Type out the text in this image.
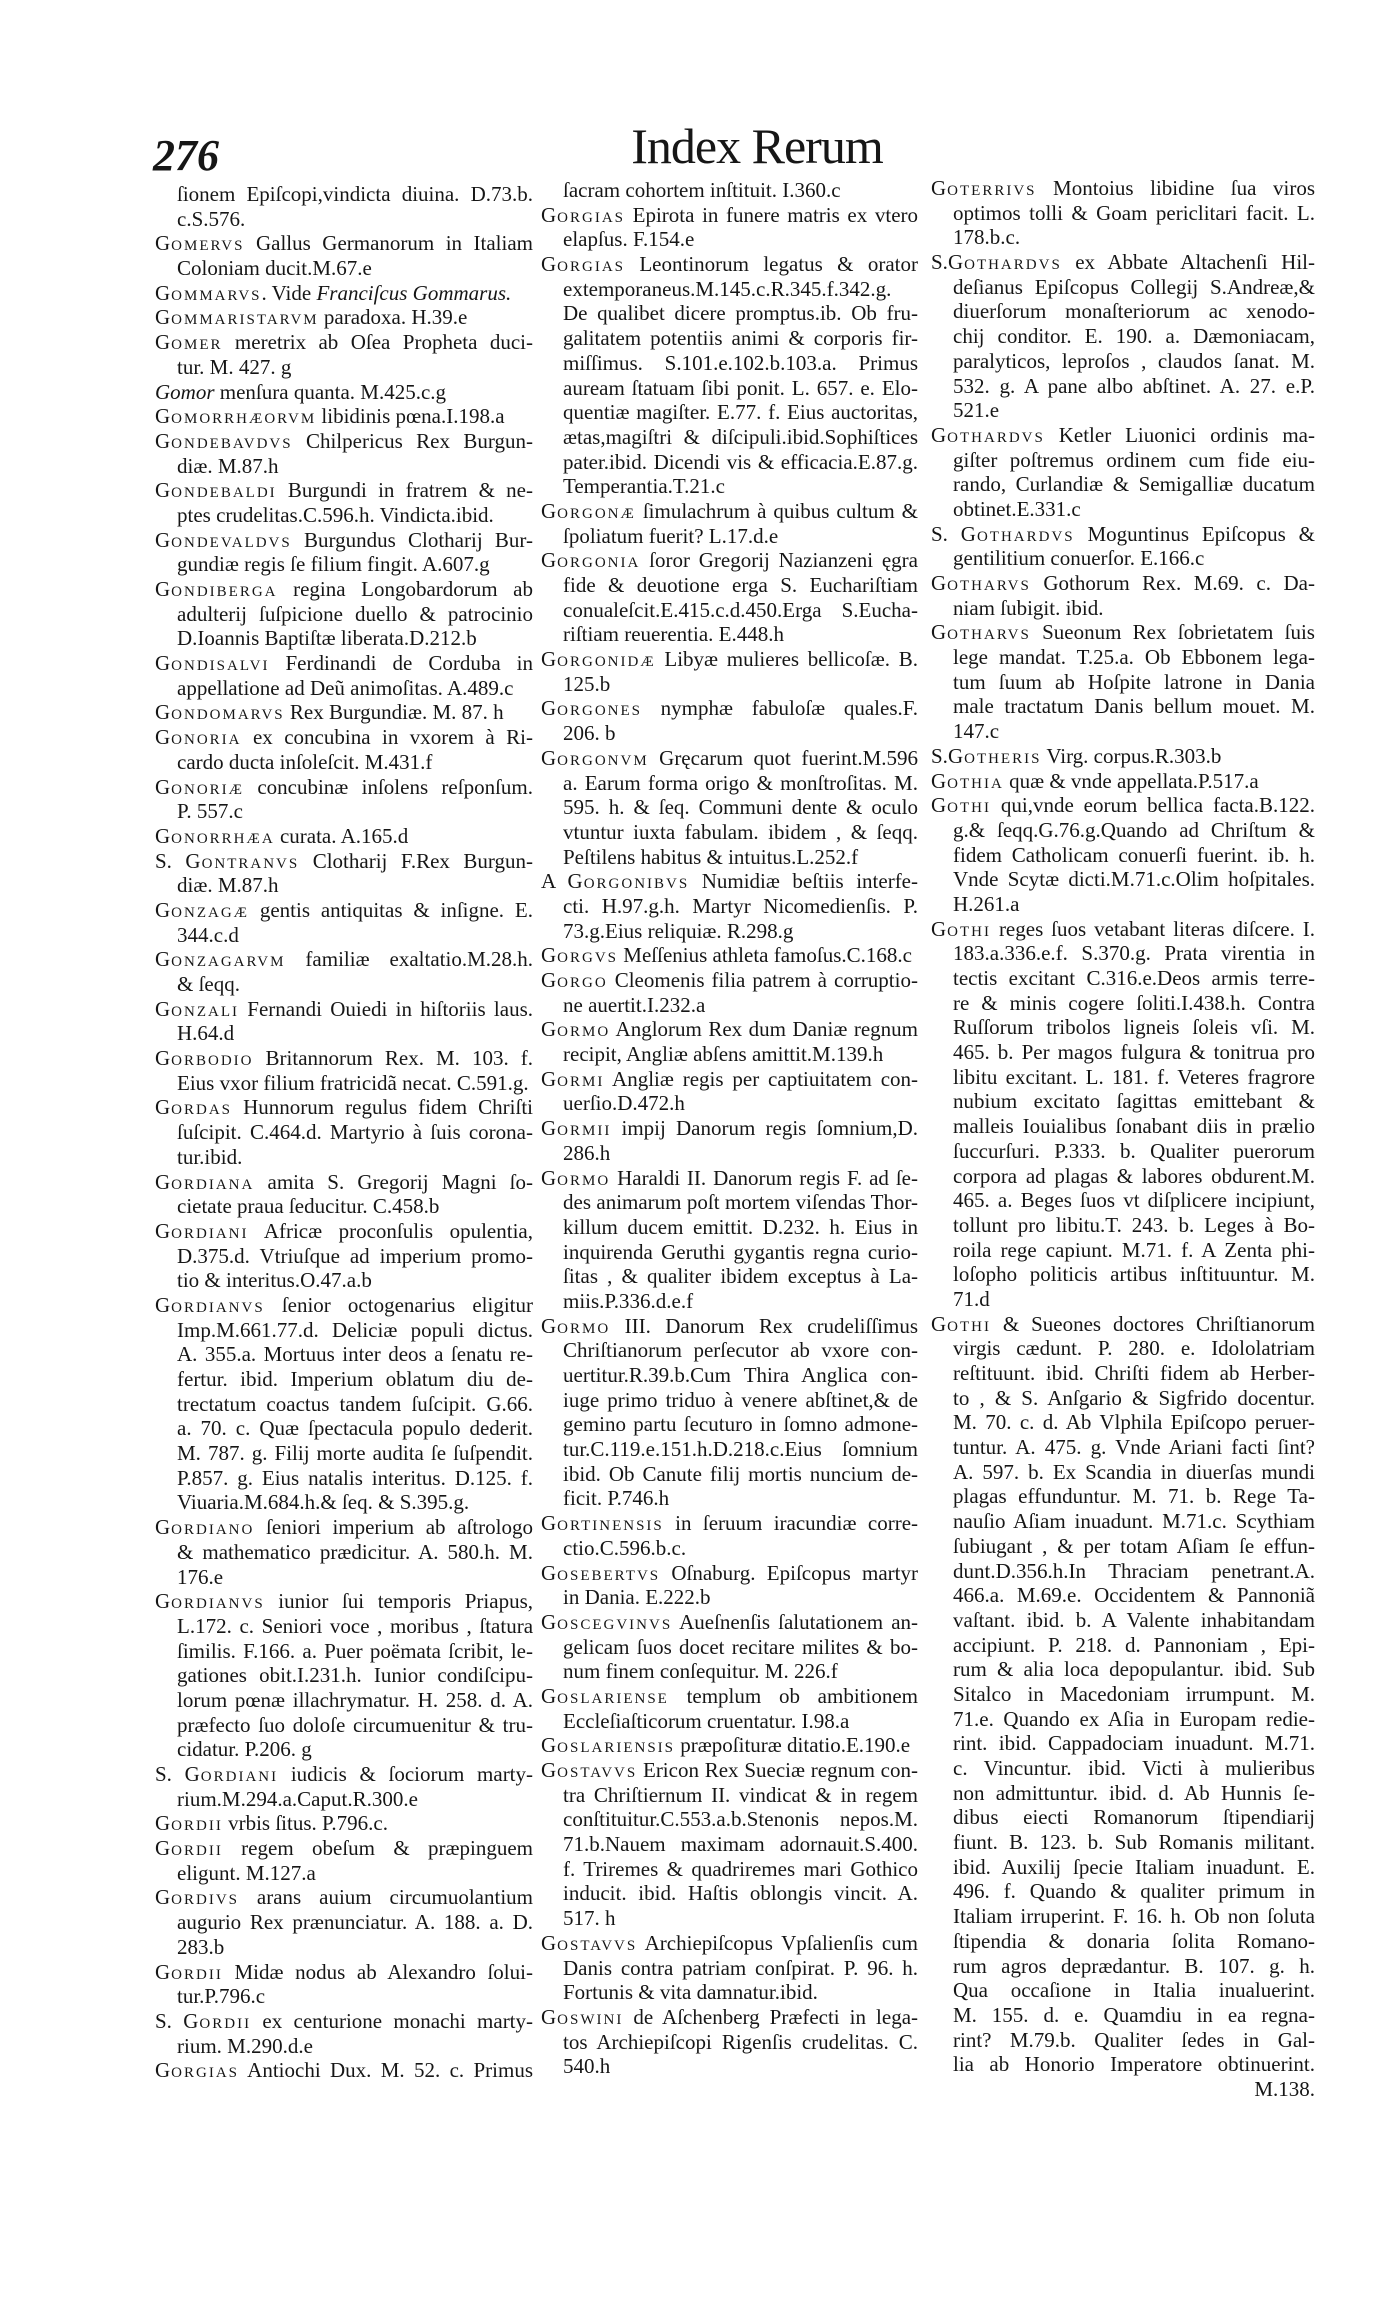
276	Index Rerum
ſionem Epiſcopi,vindicta diuina. D.73.b.
c.S.576.
GOMERVS Gallus Germanorum in Italiam
Coloniam ducit.M.67.e
GOMMARVS. Vide Franciſcus Gommarus.
GOMMARISTARVM paradoxa. H.39.e
GOMER meretrix ab Oſea Propheta duci-
tur. M. 427. g
Gomor menſura quanta. M.425.c.g
GOMORRHÆORVM libidinis pœna.I.198.a
GONDEBAVDVS Chilpericus Rex Burgun-
diæ. M.87.h
GONDEBALDI Burgundi in fratrem & ne-
ptes crudelitas.C.596.h. Vindicta.ibid.
GONDEVALDVS Burgundus Clotharij Bur-
gundiæ regis ſe filium fingit. A.607.g
GONDIBERGA regina Longobardorum ab
adulterij ſuſpicione duello & patrocinio
D.Ioannis Baptiſtæ liberata.D.212.b
GONDISALVI Ferdinandi de Corduba in
appellatione ad Deũ animoſitas. A.489.c
GONDOMARVS Rex Burgundiæ. M. 87. h
GONORIA ex concubina in vxorem à Ri-
cardo ducta inſoleſcit. M.431.f
GONORIÆ concubinæ inſolens reſponſum.
P. 557.c
GONORRHÆA curata. A.165.d
S. GONTRANVS Clotharij F.Rex Burgun-
diæ. M.87.h
GONZAGÆ gentis antiquitas & inſigne. E.
344.c.d
GONZAGARVM familiæ exaltatio.M.28.h.
& ſeqq.
GONZALI Fernandi Ouiedi in hiſtoriis laus.
H.64.d
GORBODIO Britannorum Rex. M. 103. f.
Eius vxor filium fratricidã necat. C.591.g.
GORDAS Hunnorum regulus fidem Chriſti
ſuſcipit. C.464.d. Martyrio à ſuis corona-
tur.ibid.
GORDIANA amita S. Gregorij Magni ſo-
cietate praua ſeducitur. C.458.b
GORDIANI Africæ proconſulis opulentia,
D.375.d. Vtriuſque ad imperium promo-
tio & interitus.O.47.a.b
GORDIANVS ſenior octogenarius eligitur
Imp.M.661.77.d. Deliciæ populi dictus.
A. 355.a. Mortuus inter deos a ſenatu re-
fertur. ibid. Imperium oblatum diu de-
trectatum coactus tandem ſuſcipit. G.66.
a. 70. c. Quæ ſpectacula populo dederit.
M. 787. g. Filij morte audita ſe ſuſpendit.
P.857. g. Eius natalis interitus. D.125. f.
Viuaria.M.684.h.& ſeq. & S.395.g.
GORDIANO ſeniori imperium ab aſtrologo
& mathematico prædicitur. A. 580.h. M.
176.e
GORDIANVS iunior ſui temporis Priapus,
L.172. c. Seniori voce , moribus , ſtatura
ſimilis. F.166. a. Puer poëmata ſcribit, le-
gationes obit.I.231.h. Iunior condiſcipu-
lorum pœnæ illachrymatur. H. 258. d. A.
præfecto ſuo doloſe circumuenitur & tru-
cidatur. P.206. g
S. GORDIANI iudicis & ſociorum marty-
rium.M.294.a.Caput.R.300.e
GORDII vrbis ſitus. P.796.c.
GORDII regem obeſum & præpinguem
eligunt. M.127.a
GORDIVS arans auium circumuolantium
augurio Rex prænunciatur. A. 188. a. D.
283.b
GORDII Midæ nodus ab Alexandro ſolui-
tur.P.796.c
S. GORDII ex centurione monachi marty-
rium. M.290.d.e
GORGIAS Antiochi Dux. M. 52. c. Primus
ſacram cohortem inſtituit. I.360.c
GORGIAS Epirota in funere matris ex vtero
elapſus. F.154.e
GORGIAS Leontinorum legatus & orator
extemporaneus.M.145.c.R.345.f.342.g.
De qualibet dicere promptus.ib. Ob fru-
galitatem potentiis animi & corporis fir-
miſſimus. S.101.e.102.b.103.a. Primus
auream ſtatuam ſibi ponit. L. 657. e. Elo-
quentiæ magiſter. E.77. f. Eius auctoritas,
ætas,magiſtri & diſcipuli.ibid.Sophiſtices
pater.ibid. Dicendi vis & efficacia.E.87.g.
Temperantia.T.21.c
GORGONÆ ſimulachrum à quibus cultum &
ſpoliatum fuerit? L.17.d.e
GORGONIA ſoror Gregorij Nazianzeni ęgra
fide & deuotione erga S. Euchariſtiam
conualeſcit.E.415.c.d.450.Erga S.Eucha-
riſtiam reuerentia. E.448.h
GORGONIDÆ Libyæ mulieres bellicoſæ. B.
125.b
GORGONES nymphæ fabuloſæ quales.F.
206. b
GORGONVM Gręcarum quot fuerint.M.596
a. Earum forma origo & monſtroſitas. M.
595. h. & ſeq. Communi dente & oculo
vtuntur iuxta fabulam. ibidem , & ſeqq.
Peſtilens habitus & intuitus.L.252.f
A GORGONIBVS Numidiæ beſtiis interfe-
cti. H.97.g.h. Martyr Nicomedienſis. P.
73.g.Eius reliquiæ. R.298.g
GORGVS Meſſenius athleta famoſus.C.168.c
GORGO Cleomenis filia patrem à corruptio-
ne auertit.I.232.a
GORMO Anglorum Rex dum Daniæ regnum
recipit, Angliæ abſens amittit.M.139.h
GORMI Angliæ regis per captiuitatem con-
uerſio.D.472.h
GORMII impij Danorum regis ſomnium,D.
286.h
GORMO Haraldi II. Danorum regis F. ad ſe-
des animarum poſt mortem viſendas Thor-
killum ducem emittit. D.232. h. Eius in
inquirenda Geruthi gygantis regna curio-
ſitas , & qualiter ibidem exceptus à La-
miis.P.336.d.e.f
GORMO III. Danorum Rex crudeliſſimus
Chriſtianorum perſecutor ab vxore con-
uertitur.R.39.b.Cum Thira Anglica con-
iuge primo triduo à venere abſtinet,& de
gemino partu ſecuturo in ſomno admone-
tur.C.119.e.151.h.D.218.c.Eius ſomnium
ibid. Ob Canute filij mortis nuncium de-
ficit. P.746.h
GORTINENSIS in ſeruum iracundiæ corre-
ctio.C.596.b.c.
GOSEBERTVS Oſnaburg. Epiſcopus martyr
in Dania. E.222.b
GOSCEGVINVS Aueſnenſis ſalutationem an-
gelicam ſuos docet recitare milites & bo-
num finem conſequitur. M. 226.f
GOSLARIENSE templum ob ambitionem
Eccleſiaſticorum cruentatur. I.98.a
GOSLARIENSIS præpoſituræ ditatio.E.190.e
GOSTAVVS Ericon Rex Sueciæ regnum con-
tra Chriſtiernum II. vindicat & in regem
conſtituitur.C.553.a.b.Stenonis nepos.M.
71.b.Nauem maximam adornauit.S.400.
f. Triremes & quadriremes mari Gothico
inducit. ibid. Haſtis oblongis vincit. A.
517. h
GOSTAVVS Archiepiſcopus Vpſalienſis cum
Danis contra patriam conſpirat. P. 96. h.
Fortunis & vita damnatur.ibid.
GOSWINI de Aſchenberg Præfecti in lega-
tos Archiepiſcopi Rigenſis crudelitas. C.
540.h
GOTERRIVS Montoius libidine ſua viros
optimos tolli & Goam periclitari facit. L.
178.b.c.
S.GOTHARDVS ex Abbate Altachenſi Hil-
deſianus Epiſcopus Collegij S.Andreæ,&
diuerſorum monaſteriorum ac xenodo-
chij conditor. E. 190. a. Dæmoniacam,
paralyticos, leproſos , claudos ſanat. M.
532. g. A pane albo abſtinet. A. 27. e.P.
521.e
GOTHARDVS Ketler Liuonici ordinis ma-
giſter poſtremus ordinem cum fide eiu-
rando, Curlandiæ & Semigalliæ ducatum
obtinet.E.331.c
S. GOTHARDVS Moguntinus Epiſcopus &
gentilitium conuerſor. E.166.c
GOTHARVS Gothorum Rex. M.69. c. Da-
niam ſubigit. ibid.
GOTHARVS Sueonum Rex ſobrietatem ſuis
lege mandat. T.25.a. Ob Ebbonem lega-
tum ſuum ab Hoſpite latrone in Dania
male tractatum Danis bellum mouet. M.
147.c
S.GOTHERIS Virg. corpus.R.303.b
GOTHIA quæ & vnde appellata.P.517.a
GOTHI qui,vnde eorum bellica facta.B.122.
g.& ſeqq.G.76.g.Quando ad Chriſtum &
fidem Catholicam conuerſi fuerint. ib. h.
Vnde Scytæ dicti.M.71.c.Olim hoſpitales.
H.261.a
GOTHI reges ſuos vetabant literas diſcere. I.
183.a.336.e.f. S.370.g. Prata virentia in
tectis excitant C.316.e.Deos armis terre-
re & minis cogere ſoliti.I.438.h. Contra
Ruſſorum tribolos ligneis ſoleis vſi. M.
465. b. Per magos fulgura & tonitrua pro
libitu excitant. L. 181. f. Veteres fragrore
nubium excitato ſagittas emittebant &
malleis Iouialibus ſonabant diis in prælio
ſuccurſuri. P.333. b. Qualiter puerorum
corpora ad plagas & labores obdurent.M.
465. a. Beges ſuos vt diſplicere incipiunt,
tollunt pro libitu.T. 243. b. Leges à Bo-
roila rege capiunt. M.71. f. A Zenta phi-
loſopho politicis artibus inſtituuntur. M.
71.d
GOTHI & Sueones doctores Chriſtianorum
virgis cædunt. P. 280. e. Idololatriam
reſtituunt. ibid. Chriſti fidem ab Herber-
to , & S. Anſgario & Sigfrido docentur.
M. 70. c. d. Ab Vlphila Epiſcopo peruer-
tuntur. A. 475. g. Vnde Ariani facti ſint?
A. 597. b. Ex Scandia in diuerſas mundi
plagas effunduntur. M. 71. b. Rege Ta-
nauſio Aſiam inuadunt. M.71.c. Scythiam
ſubiugant , & per totam Aſiam ſe effun-
dunt.D.356.h.In Thraciam penetrant.A.
466.a. M.69.e. Occidentem & Pannoniã
vaſtant. ibid. b. A Valente inhabitandam
accipiunt. P. 218. d. Pannoniam , Epi-
rum & alia loca depopulantur. ibid. Sub
Sitalco in Macedoniam irrumpunt. M.
71.e. Quando ex Aſia in Europam redie-
rint. ibid. Cappadociam inuadunt. M.71.
c. Vincuntur. ibid. Victi à mulieribus
non admittuntur. ibid. d. Ab Hunnis ſe-
dibus eiecti Romanorum ſtipendiarij
fiunt. B. 123. b. Sub Romanis militant.
ibid. Auxilij ſpecie Italiam inuadunt. E.
496. f. Quando & qualiter primum in
Italiam irruperint. F. 16. h. Ob non ſoluta
ſtipendia & donaria ſolita Romano-
rum agros deprædantur. B. 107. g. h.
Qua occaſione in Italia inualuerint.
M. 155. d. e. Quamdiu in ea regna-
rint? M.79.b. Qualiter ſedes in Gal-
lia ab Honorio Imperatore obtinuerint.
M.138.
